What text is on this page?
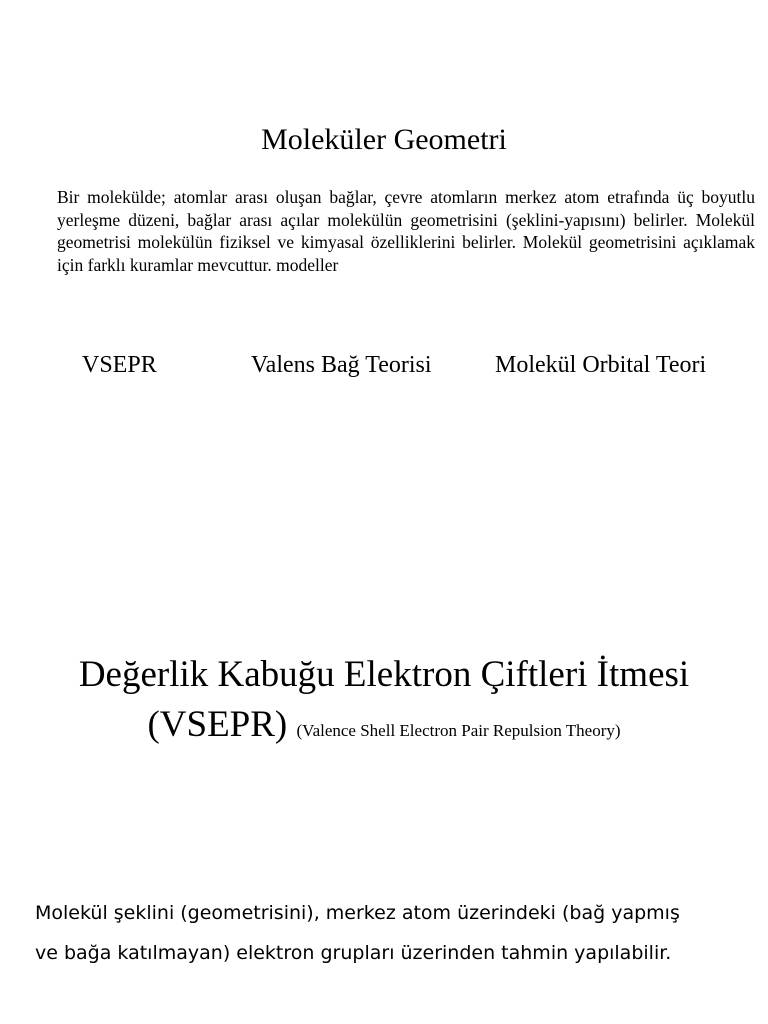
Moleküler Geometri

Bir molekülde; atomlar arası oluşan bağlar, çevre atomların merkez atom etrafında üç boyutlu yerleşme düzeni, bağlar arası açılar molekülün geometrisini (şeklini-yapısını) belirler. Molekül geometrisi molekülün fiziksel ve kimyasal özelliklerini belirler. Molekül geometrisini açıklamak için farklı kuramlar mevcuttur. modeller

VSEPR	Valens Bağ Teorisi	Molekül Orbital Teori
Değerlik Kabuğu Elektron Çiftleri İtmesi
(VSEPR) (Valence Shell Electron Pair Repulsion Theory)

Molekül şeklini (geometrisini), merkez atom üzerindeki (bağ yapmış
ve bağa katılmayan) elektron grupları üzerinden tahmin yapılabilir.
